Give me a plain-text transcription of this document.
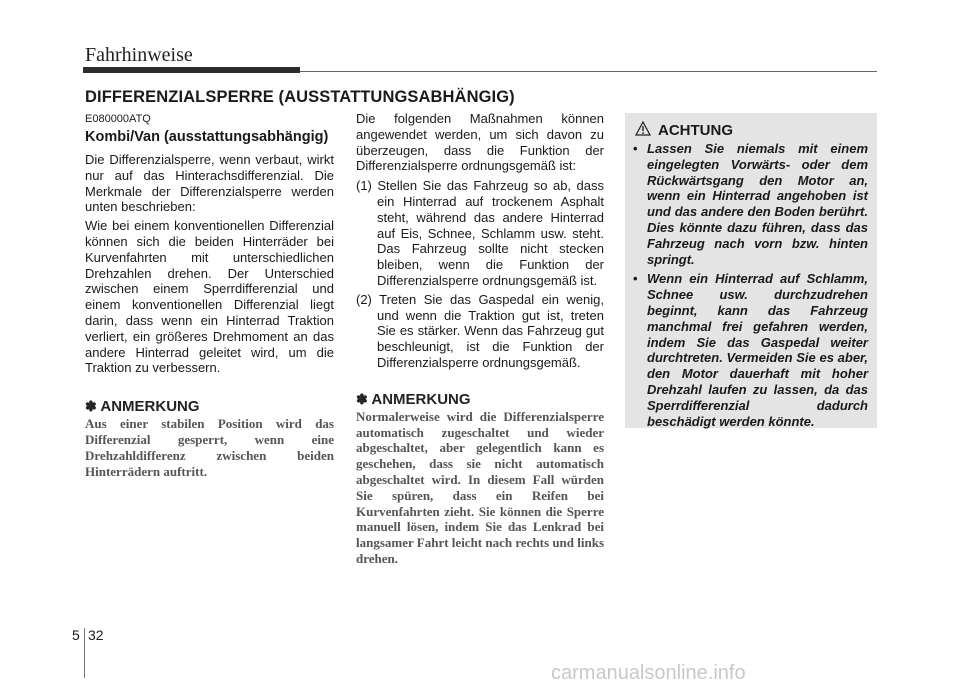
Fahrhinweise
DIFFERENZIALSPERRE (AUSSTATTUNGSABHÄNGIG)
E080000ATQ
Kombi/Van (ausstattungsabhängig)

Die Differenzialsperre, wenn verbaut, wirkt nur auf das Hinterachsdifferenzial. Die Merkmale der Differenzialsperre werden unten beschrieben:

Wie bei einem konventionellen Differenzial können sich die beiden Hinterräder bei Kurvenfahrten mit unterschiedlichen Drehzahlen drehen. Der Unterschied zwischen einem Sperrdifferenzial und einem konventionellen Differenzial liegt darin, dass wenn ein Hinterrad Traktion verliert, ein größeres Drehmoment an das andere Hinterrad geleitet wird, um die Traktion zu verbessern.

✽ ANMERKUNG

Aus einer stabilen Position wird das Differenzial gesperrt, wenn eine Drehzahldifferenz zwischen beiden Hinterrädern auftritt.

Die folgenden Maßnahmen können angewendet werden, um sich davon zu überzeugen, dass die Funktion der Differenzialsperre ordnungsgemäß ist:

(1) Stellen Sie das Fahrzeug so ab, dass ein Hinterrad auf trockenem Asphalt steht, während das andere Hinterrad auf Eis, Schnee, Schlamm usw. steht. Das Fahrzeug sollte nicht stecken bleiben, wenn die Funktion der Differenzialsperre ordnungsgemäß ist.
(2) Treten Sie das Gaspedal ein wenig, und wenn die Traktion gut ist, treten Sie es stärker. Wenn das Fahrzeug gut beschleunigt, ist die Funktion der Differenzialsperre ordnungsgemäß.
✽ ANMERKUNG

Normalerweise wird die Differenzialsperre automatisch zugeschaltet und wieder abgeschaltet, aber gelegentlich kann es geschehen, dass sie nicht automatisch abgeschaltet wird. In diesem Fall würden Sie spüren, dass ein Reifen bei Kurvenfahrten zieht. Sie können die Sperre manuell lösen, indem Sie das Lenkrad bei langsamer Fahrt leicht nach rechts und links drehen.

ACHTUNG
• Lassen Sie niemals mit einem eingelegten Vorwärts- oder dem Rückwärtsgang den Motor an, wenn ein Hinterrad angehoben ist und das andere den Boden berührt. Dies könnte dazu führen, dass das Fahrzeug nach vorn bzw. hinten springt.
• Wenn ein Hinterrad auf Schlamm, Schnee usw. durchzudrehen beginnt, kann das Fahrzeug manchmal frei gefahren werden, indem Sie das Gaspedal weiter durchtreten. Vermeiden Sie es aber, den Motor dauerhaft mit hoher Drehzahl laufen zu lassen, da das Sperrdifferenzial dadurch beschädigt werden könnte.
5 32
carmanualsonline.info
